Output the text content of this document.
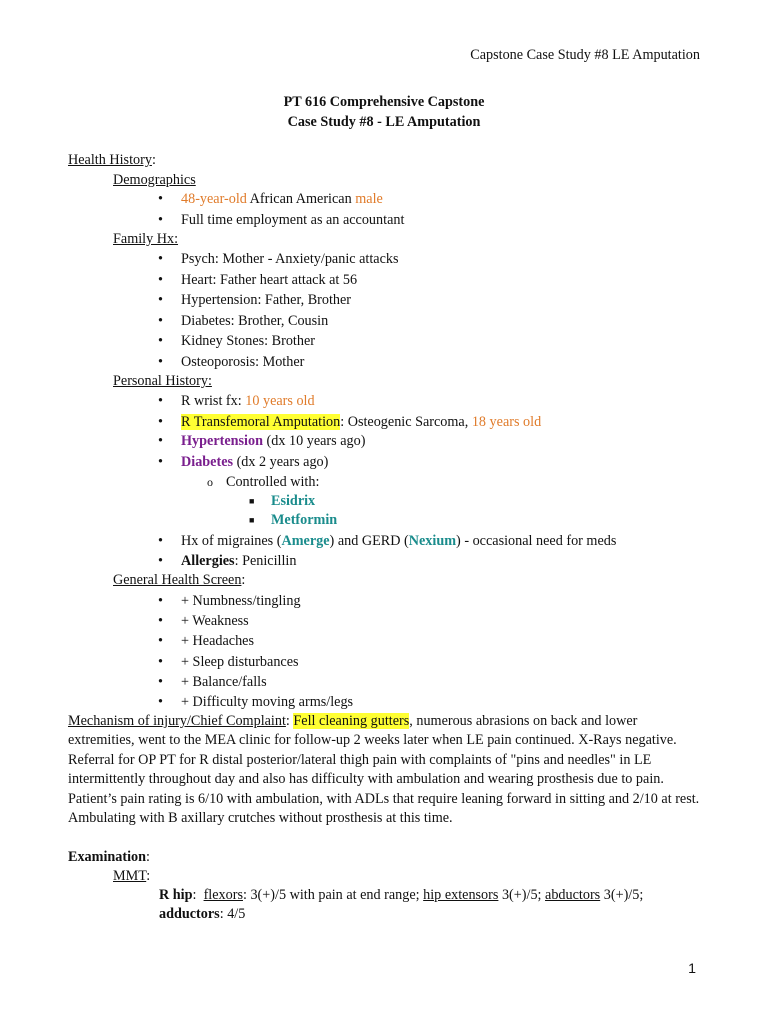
Capstone Case Study #8 LE Amputation
PT 616 Comprehensive Capstone
Case Study #8 - LE Amputation
Health History:
Demographics
• 48-year-old African American male
• Full time employment as an accountant
Family Hx:
• Psych: Mother - Anxiety/panic attacks
• Heart: Father heart attack at 56
• Hypertension: Father, Brother
• Diabetes: Brother, Cousin
• Kidney Stones: Brother
• Osteoporosis: Mother
Personal History:
• R wrist fx: 10 years old
• R Transfemoral Amputation: Osteogenic Sarcoma, 18 years old
• Hypertension (dx 10 years ago)
• Diabetes (dx 2 years ago)
o Controlled with:
■ Esidrix
■ Metformin
• Hx of migraines (Amerge) and GERD (Nexium) - occasional need for meds
• Allergies: Penicillin
General Health Screen:
• + Numbness/tingling
• + Weakness
• + Headaches
• + Sleep disturbances
• + Balance/falls
• + Difficulty moving arms/legs
Mechanism of injury/Chief Complaint: Fell cleaning gutters, numerous abrasions on back and lower extremities, went to the MEA clinic for follow-up 2 weeks later when LE pain continued. X-Rays negative. Referral for OP PT for R distal posterior/lateral thigh pain with complaints of "pins and needles" in LE intermittently throughout day and also has difficulty with ambulation and wearing prosthesis due to pain. Patient’s pain rating is 6/10 with ambulation, with ADLs that require leaning forward in sitting and 2/10 at rest. Ambulating with B axillary crutches without prosthesis at this time.
Examination:
MMT:
R hip: flexors: 3(+)/5 with pain at end range; hip extensors 3(+)/5; abductors 3(+)/5;
adductors: 4/5
1
